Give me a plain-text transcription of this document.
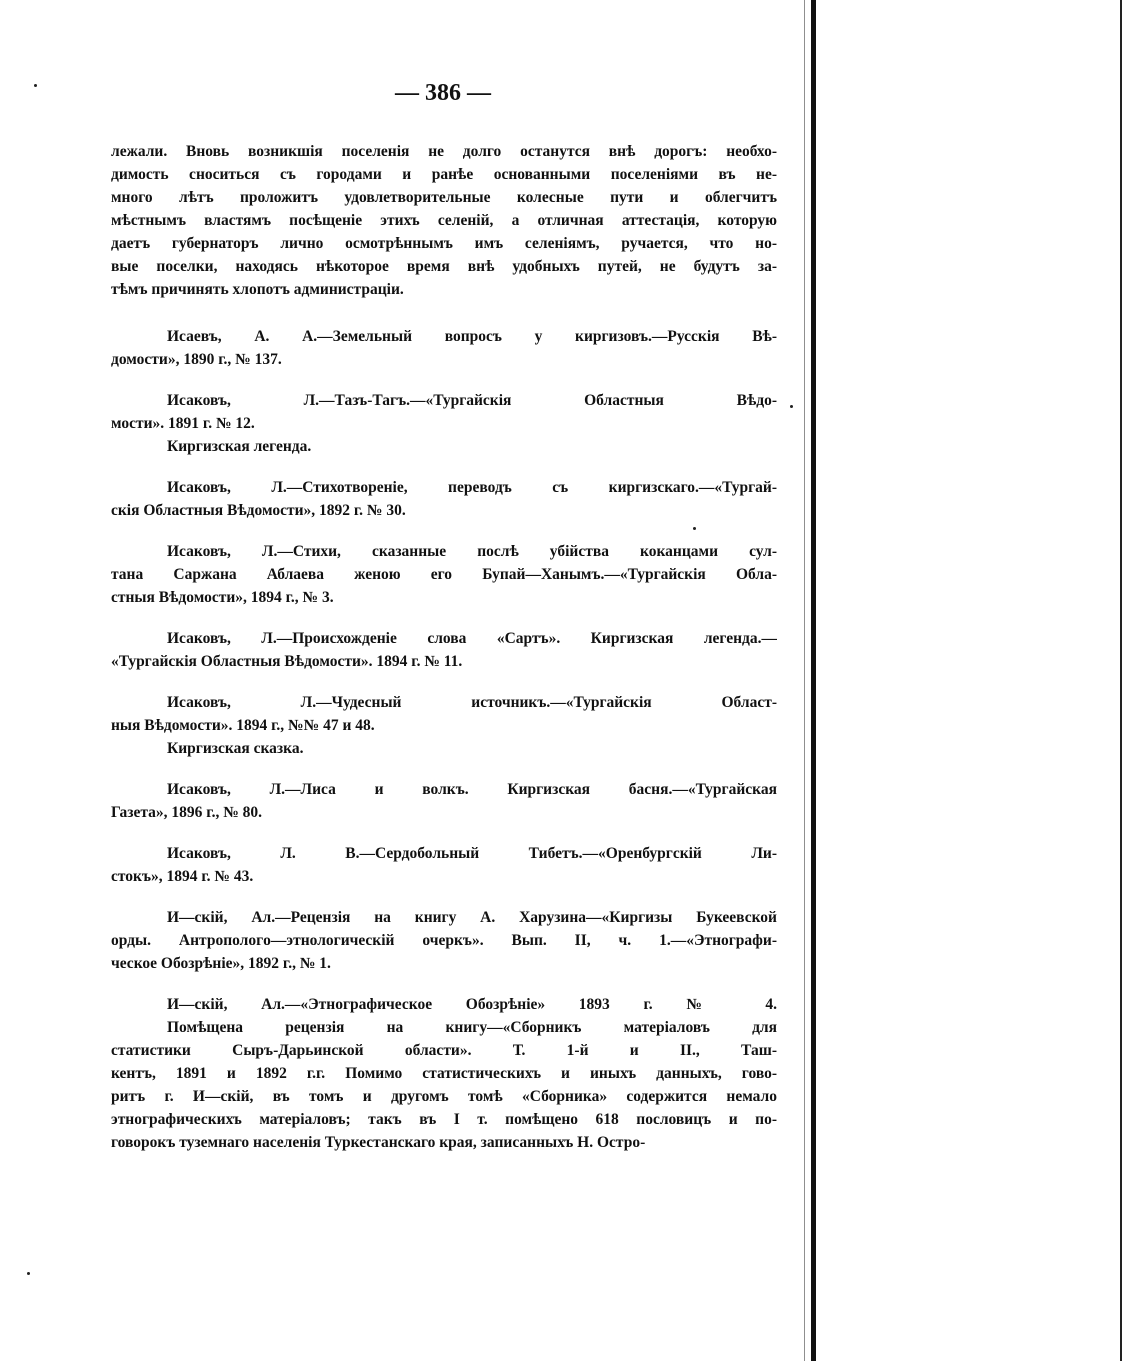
— 386 —
лежали. Вновь возникшія поселенія не долго останутся внѣ дорогъ: необхо-
димость сноситься съ городами и ранѣе основанными поселеніями въ не-
много лѣтъ проложитъ удовлетворительные колесные пути и облегчитъ
мѣстнымъ властямъ посѣщеніе этихъ селеній, а отличная аттестація, которую
даетъ губернаторъ лично осмотрѣннымъ имъ селеніямъ, ручается, что но-
вые поселки, находясь нѣкоторое время внѣ удобныхъ путей, не будутъ за-
тѣмъ причинять хлопотъ администраціи.
Исаевъ, А. А.—Земельный вопросъ у киргизовъ.—Русскія Вѣ-
домости», 1890 г., № 137.
Исаковъ, Л.—Тазъ-Тагъ.—«Тургайскія Областныя Вѣдо-
мости». 1891 г. № 12.
Киргизская легенда.
Исаковъ, Л.—Стихотвореніе, переводъ съ киргизскаго.—«Тургай-
скія Областныя Вѣдомости», 1892 г. № 30.
Исаковъ, Л.—Стихи, сказанные послѣ убійства коканцами сул-
тана Саржана Аблаева женою его Бупай—Ханымъ.—«Тургайскія Обла-
стныя Вѣдомости», 1894 г., № 3.
Исаковъ, Л.—Происхожденіе слова «Сартъ». Киргизская легенда.—
«Тургайскія Областныя Вѣдомости». 1894 г. № 11.
Исаковъ, Л.—Чудесный источникъ.—«Тургайскія Област-
ныя Вѣдомости». 1894 г., №№ 47 и 48.
Киргизская сказка.
Исаковъ, Л.—Лиса и волкъ. Киргизская басня.—«Тургайская
Газета», 1896 г., № 80.
Исаковъ, Л. В.—Сердобольный Тибетъ.—«Оренбургскій Ли-
стокъ», 1894 г. № 43.
И—скій, Ал.—Рецензія на книгу А. Харузина—«Киргизы Букеевской
орды. Антропологo—этнологическій очеркъ». Вып. II, ч. 1.—«Этнографи-
ческое Обозрѣніе», 1892 г., № 1.
И—скій, Ал.—«Этнографическое Обозрѣніе» 1893 г. № 4.
Помѣщена рецензія на книгу—«Сборникъ матеріаловъ для
статистики Сыръ-Дарьинской области». Т. 1-й и II., Таш-
кентъ, 1891 и 1892 г.г. Помимо статистическихъ и иныхъ данныхъ, гово-
ритъ г. И—скій, въ томъ и другомъ томѣ «Сборника» содержится немало
этнографическихъ матеріаловъ; такъ въ I т. помѣщено 618 пословицъ и по-
говорокъ туземнаго населенія Туркестанскаго края, записанныхъ Н. Остро-
